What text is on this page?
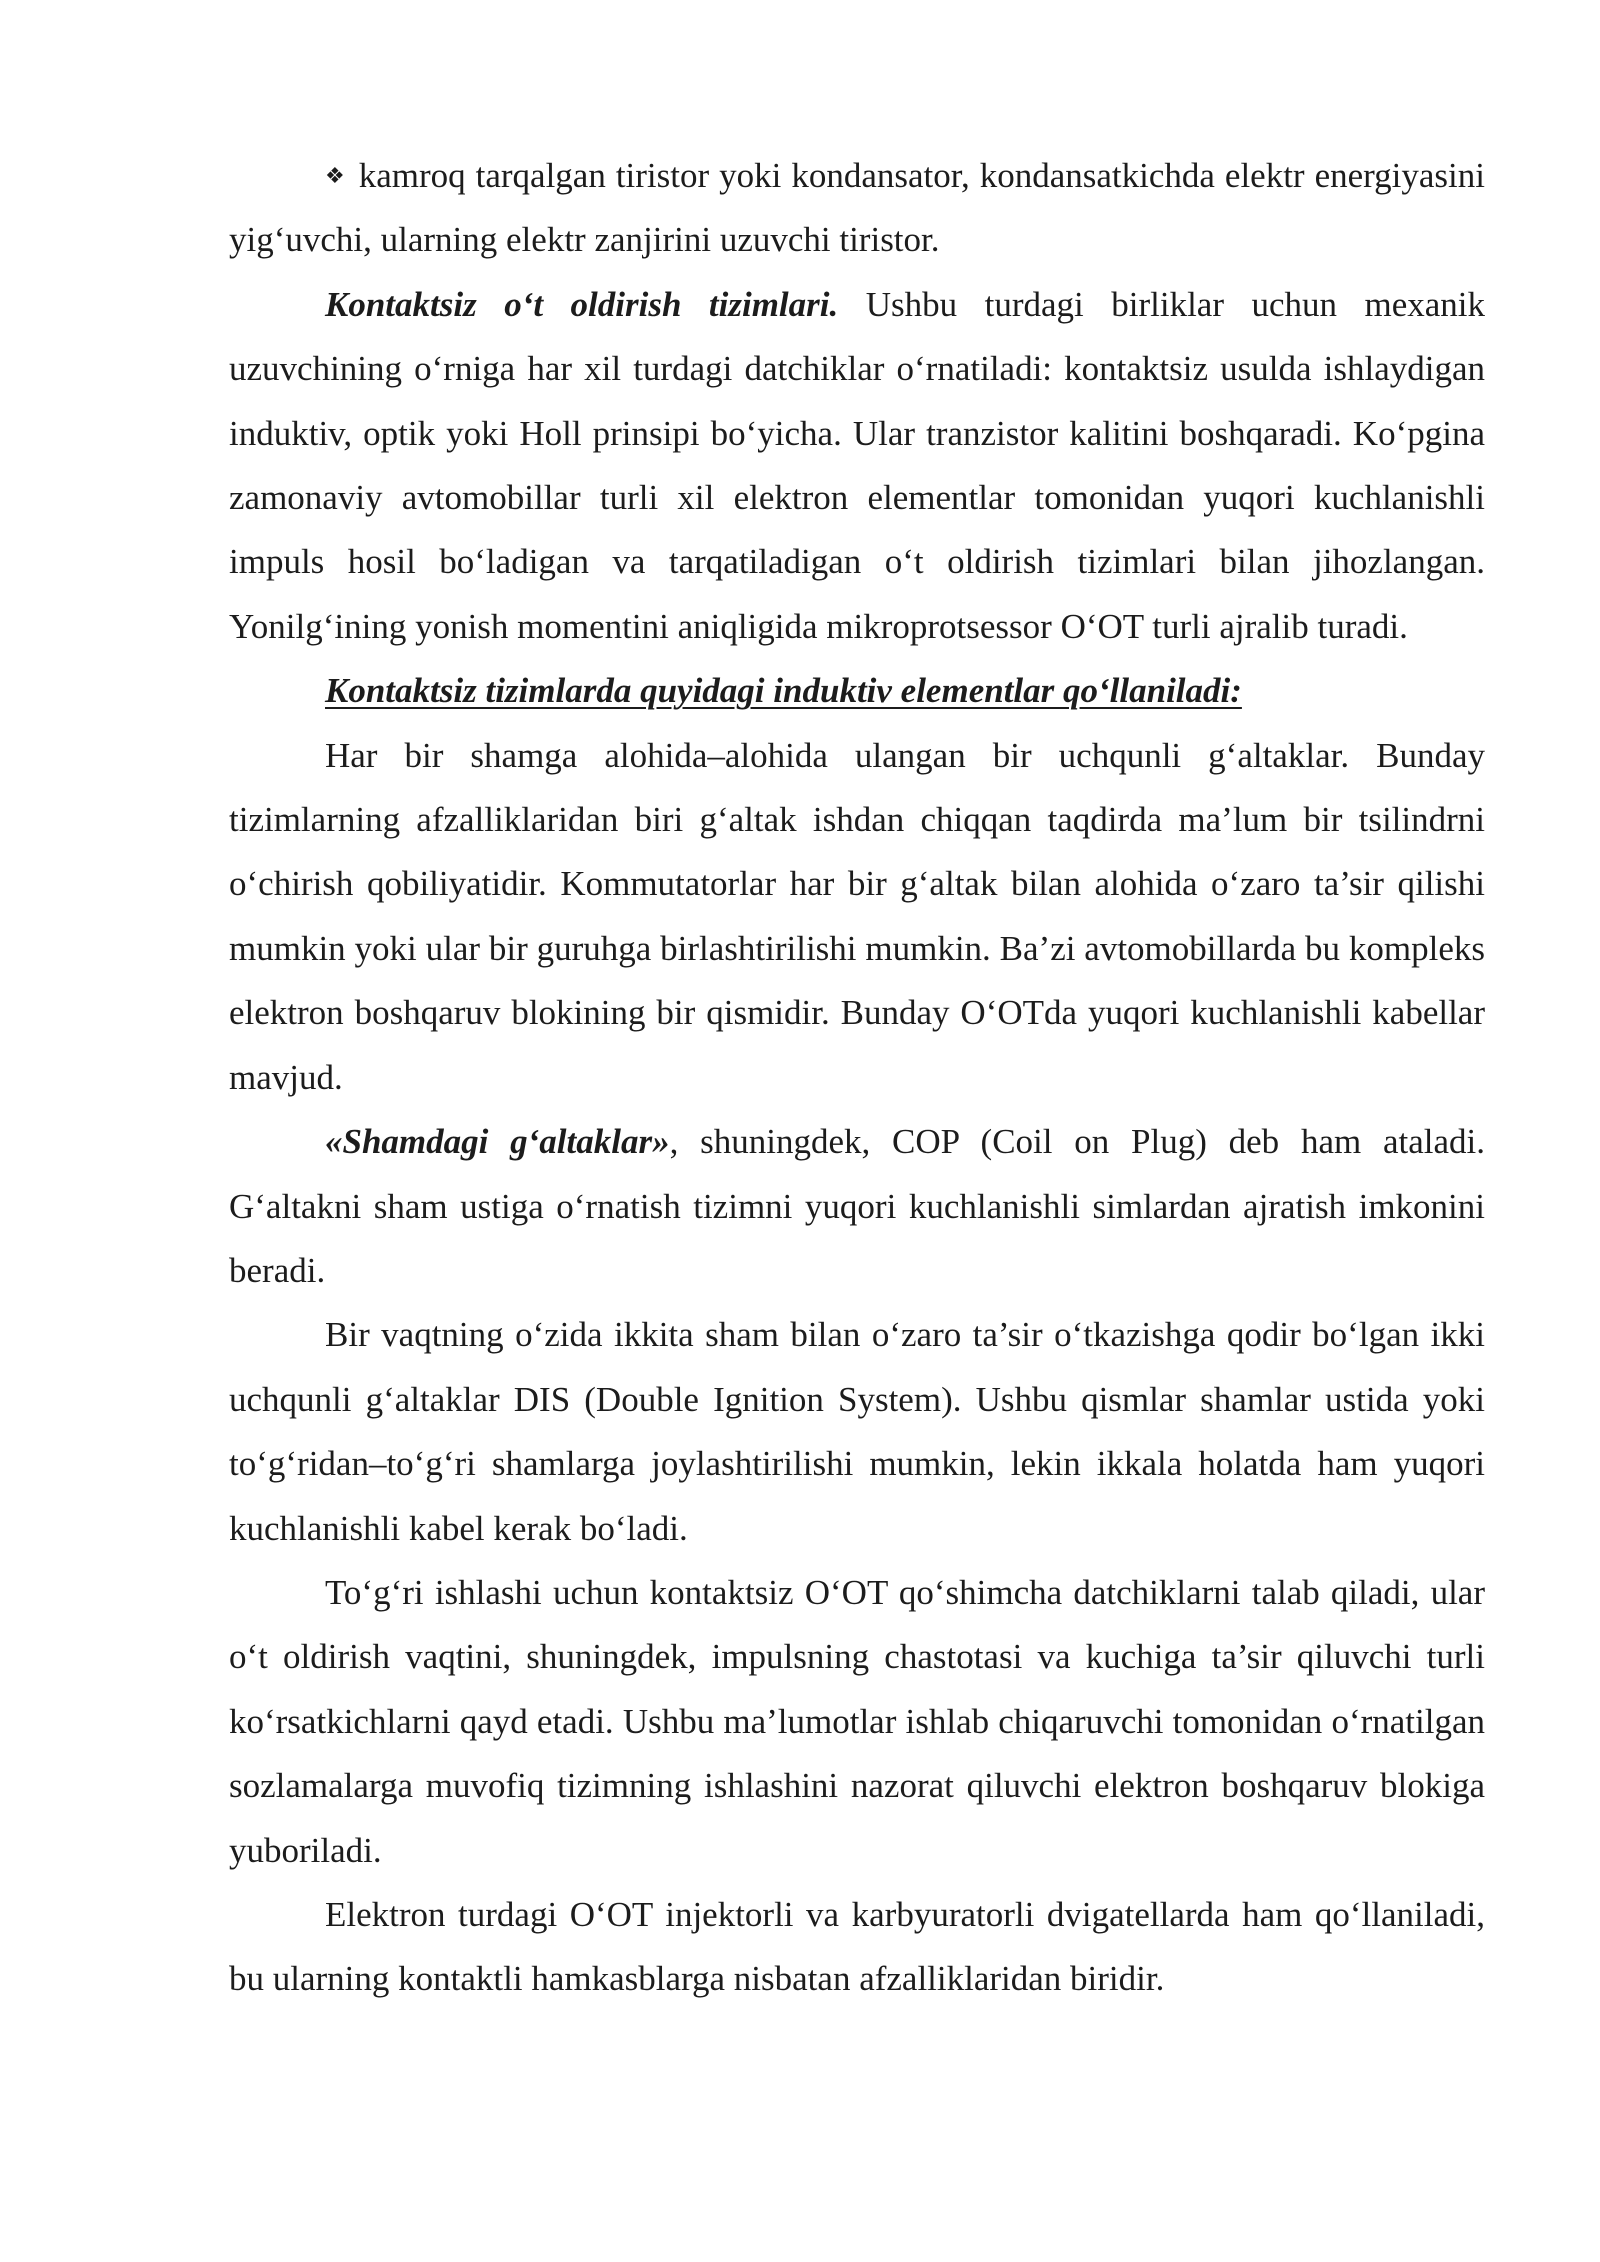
❖ kamroq tarqalgan tiristor yoki kondansator, kondansatkichda elektr energiyasini yig‘uvchi, ularning elektr zanjirini uzuvchi tiristor.

Kontaktsiz o‘t oldirish tizimlari. Ushbu turdagi birliklar uchun mexanik uzuvchining o‘rniga har xil turdagi datchiklar o‘rnatiladi: kontaktsiz usulda ishlaydigan induktiv, optik yoki Holl prinsipi bo‘yicha. Ular tranzistor kalitini boshqaradi. Ko‘pgina zamonaviy avtomobillar turli xil elektron elementlar tomonidan yuqori kuchlanishli impuls hosil bo‘ladigan va tarqatiladigan o‘t oldirish tizimlari bilan jihozlangan. Yonilg‘ining yonish momentini aniqligida mikroprotsessor O‘OT turli ajralib turadi.

Kontaktsiz tizimlarda quyidagi induktiv elementlar qo‘llaniladi:

Har bir shamga alohida–alohida ulangan bir uchqunli g‘altaklar. Bunday tizimlarning afzalliklaridan biri g‘altak ishdan chiqqan taqdirda ma’lum bir tsilindrni o‘chirish qobiliyatidir. Kommutatorlar har bir g‘altak bilan alohida o‘zaro ta’sir qilishi mumkin yoki ular bir guruhga birlashtirilishi mumkin. Ba’zi avtomobillarda bu kompleks elektron boshqaruv blokining bir qismidir. Bunday O‘OTda yuqori kuchlanishli kabellar mavjud.

«Shamdagi g‘altaklar», shuningdek, COP (Coil on Plug) deb ham ataladi. G‘altakni sham ustiga o‘rnatish tizimni yuqori kuchlanishli simlardan ajratish imkonini beradi.

Bir vaqtning o‘zida ikkita sham bilan o‘zaro ta’sir o‘tkazishga qodir bo‘lgan ikki uchqunli g‘altaklar DIS (Double Ignition System). Ushbu qismlar shamlar ustida yoki to‘g‘ridan–to‘g‘ri shamlarga joylashtirilishi mumkin, lekin ikkala holatda ham yuqori kuchlanishli kabel kerak bo‘ladi.

To‘g‘ri ishlashi uchun kontaktsiz O‘OT qo‘shimcha datchiklarni talab qiladi, ular o‘t oldirish vaqtini, shuningdek, impulsning chastotasi va kuchiga ta’sir qiluvchi turli ko‘rsatkichlarni qayd etadi. Ushbu ma’lumotlar ishlab chiqaruvchi tomonidan o‘rnatilgan sozlamalarga muvofiq tizimning ishlashini nazorat qiluvchi elektron boshqaruv blokiga yuboriladi.

Elektron turdagi O‘OT injektorli va karbyuratorli dvigatellarda ham qo‘llaniladi, bu ularning kontaktli hamkasblarga nisbatan afzalliklaridan biridir.
